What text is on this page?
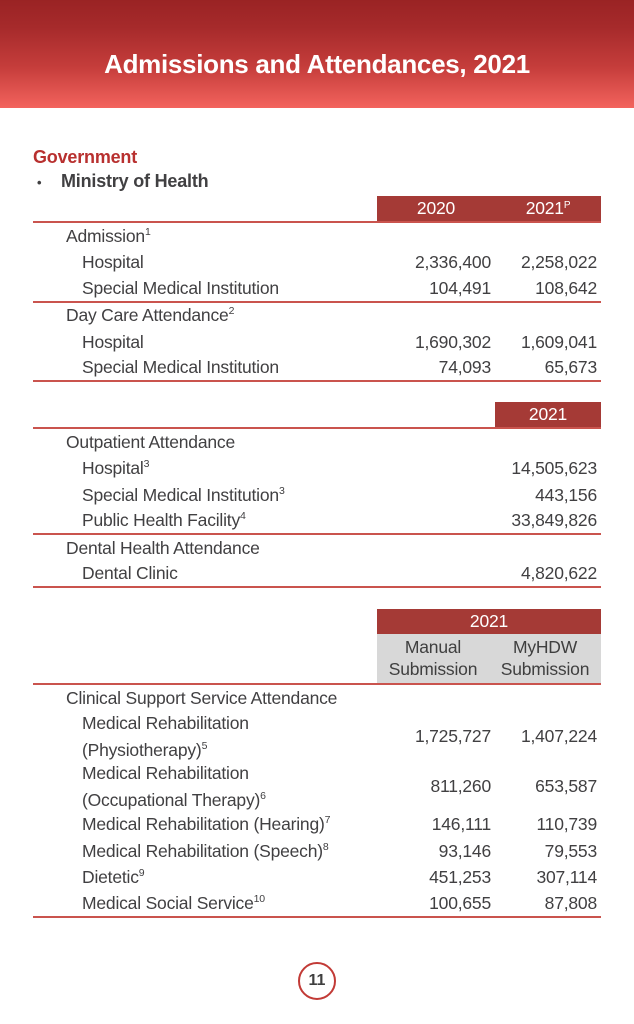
Admissions and Attendances, 2021
Government
•	Ministry of Health
2020	$2021^P$
Admission$^1$
Hospital	2,336,400	2,258,022
Special Medical Institution	104,491	108,642
Day Care Attendance$^2$
Hospital	1,690,302	1,609,041
Special Medical Institution	74,093	65,673
2021
Outpatient Attendance
Hospital$^3$	14,505,623
Special Medical Institution$^3$	443,156
Public Health Facility$^4$	33,849,826
Dental Health Attendance
Dental Clinic	4,820,622
2021
Manual Submission
MyHDW Submission
Clinical Support Service Attendance
Medical Rehabilitation
(Physiotherapy)$^5$	1,725,727	1,407,224
Medical Rehabilitation
(Occupational Therapy)$^6$	811,260	653,587
Medical Rehabilitation (Hearing)$^7$	146,111	110,739
Medical Rehabilitation (Speech)$^8$	93,146	79,553
Dietetic$^9$	451,253	307,114
Medical Social Service$^{10}$	100,655	87,808
11
